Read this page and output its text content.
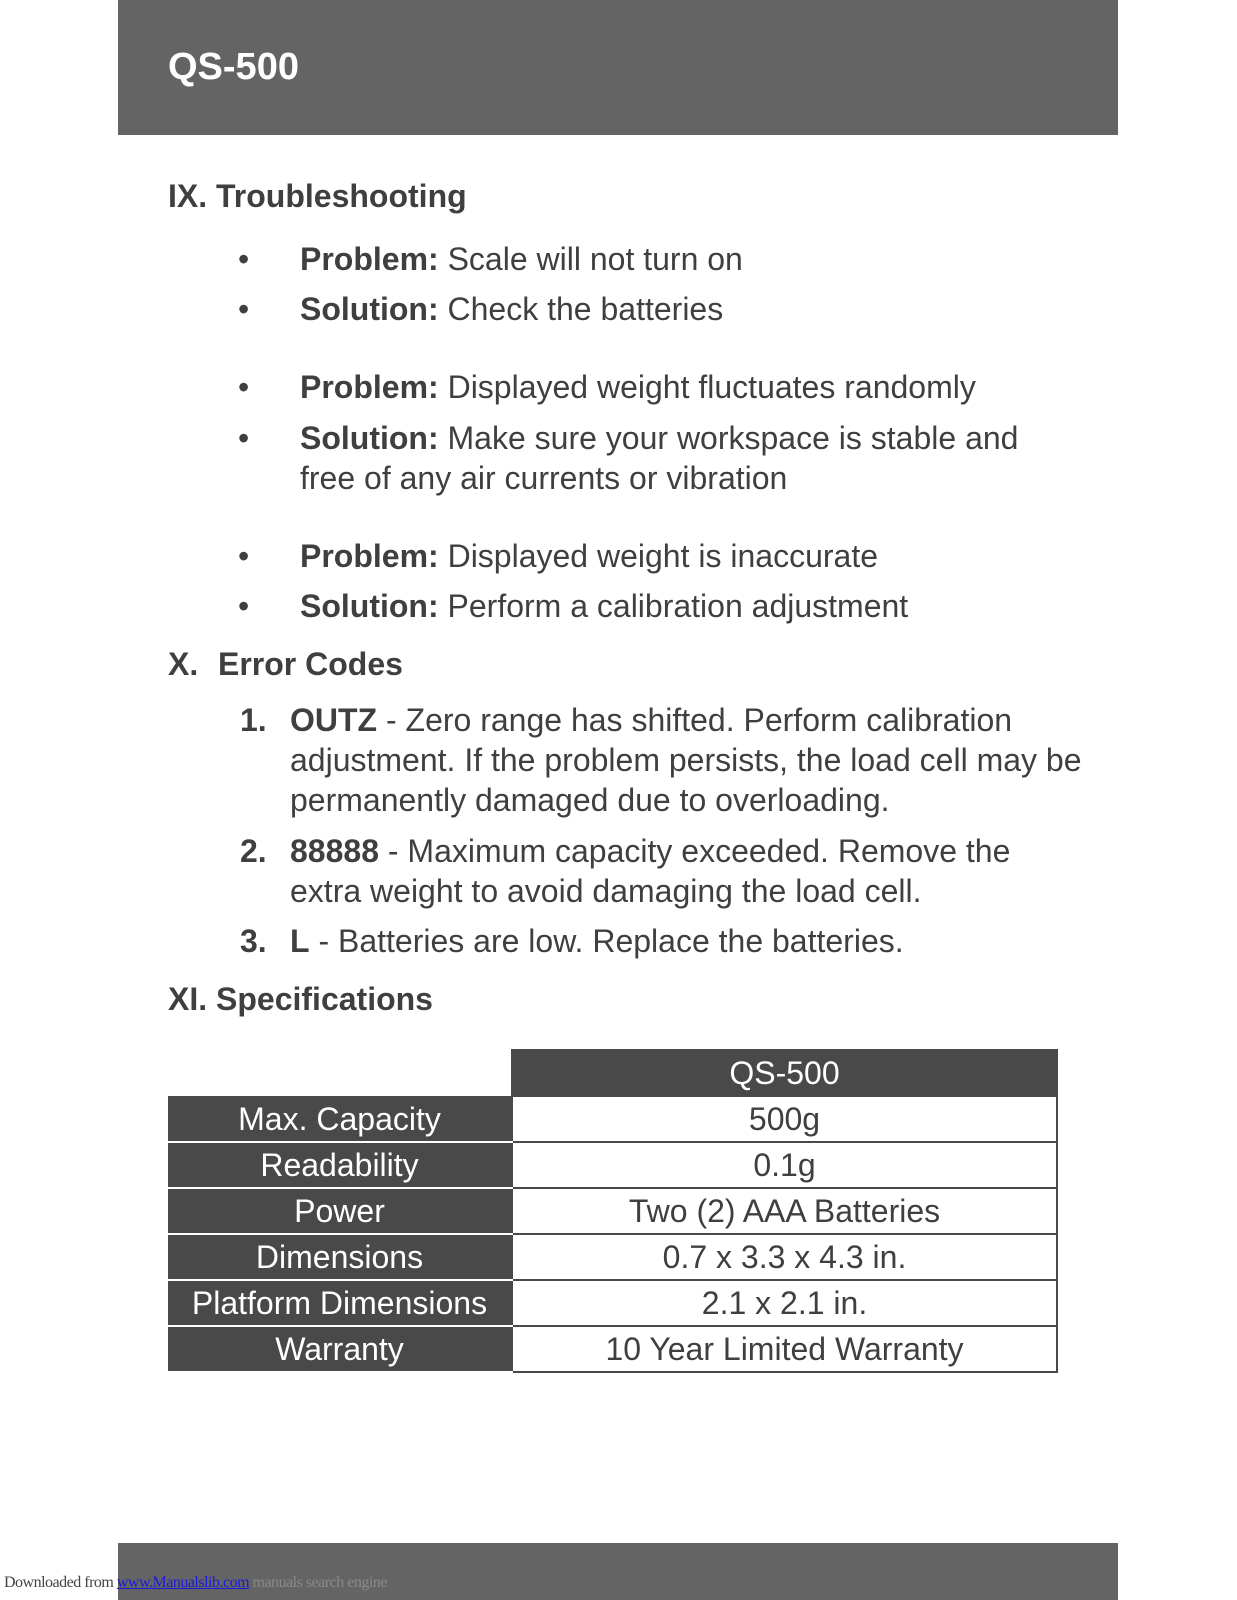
QS-500
IX. Troubleshooting
• Problem: Scale will not turn on
• Solution: Check the batteries
• Problem: Displayed weight fluctuates randomly
• Solution: Make sure your workspace is stable and free of any air currents or vibration
• Problem: Displayed weight is inaccurate
• Solution: Perform a calibration adjustment
X. Error Codes
1. OUTZ - Zero range has shifted. Perform calibration adjustment. If the problem persists, the load cell may be permanently damaged due to overloading.
2. 88888 - Maximum capacity exceeded. Remove the extra weight to avoid damaging the load cell.
3. L - Batteries are low. Replace the batteries.
XI. Specifications
	QS-500
Max. Capacity	500g
Readability	0.1g
Power	Two (2) AAA Batteries
Dimensions	0.7 x 3.3 x 4.3 in.
Platform Dimensions	2.1 x 2.1 in.
Warranty	10 Year Limited Warranty
Downloaded from www.Manualslib.com manuals search engine
